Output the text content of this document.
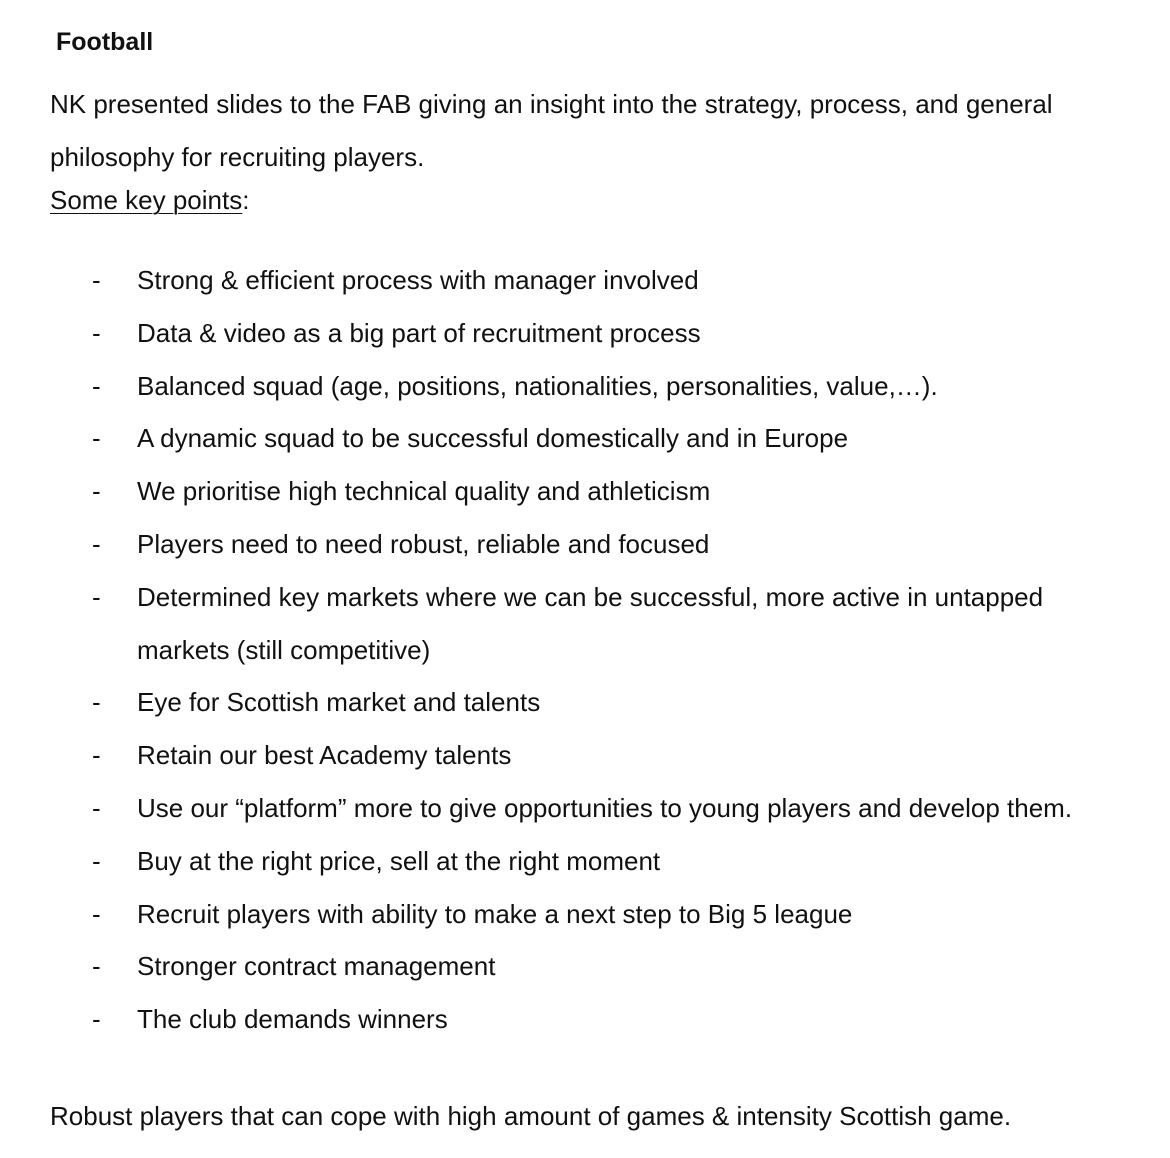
Football

NK presented slides to the FAB giving an insight into the strategy, process, and general philosophy for recruiting players.

Some key points:

- Strong & efficient process with manager involved
- Data & video as a big part of recruitment process
- Balanced squad (age, positions, nationalities, personalities, value,…).
- A dynamic squad to be successful domestically and in Europe
- We prioritise high technical quality and athleticism
- Players need to need robust, reliable and focused
- Determined key markets where we can be successful, more active in untapped markets (still competitive)
- Eye for Scottish market and talents
- Retain our best Academy talents
- Use our “platform” more to give opportunities to young players and develop them.
- Buy at the right price, sell at the right moment
- Recruit players with ability to make a next step to Big 5 league
- Stronger contract management
- The club demands winners

Robust players that can cope with high amount of games & intensity Scottish game.
